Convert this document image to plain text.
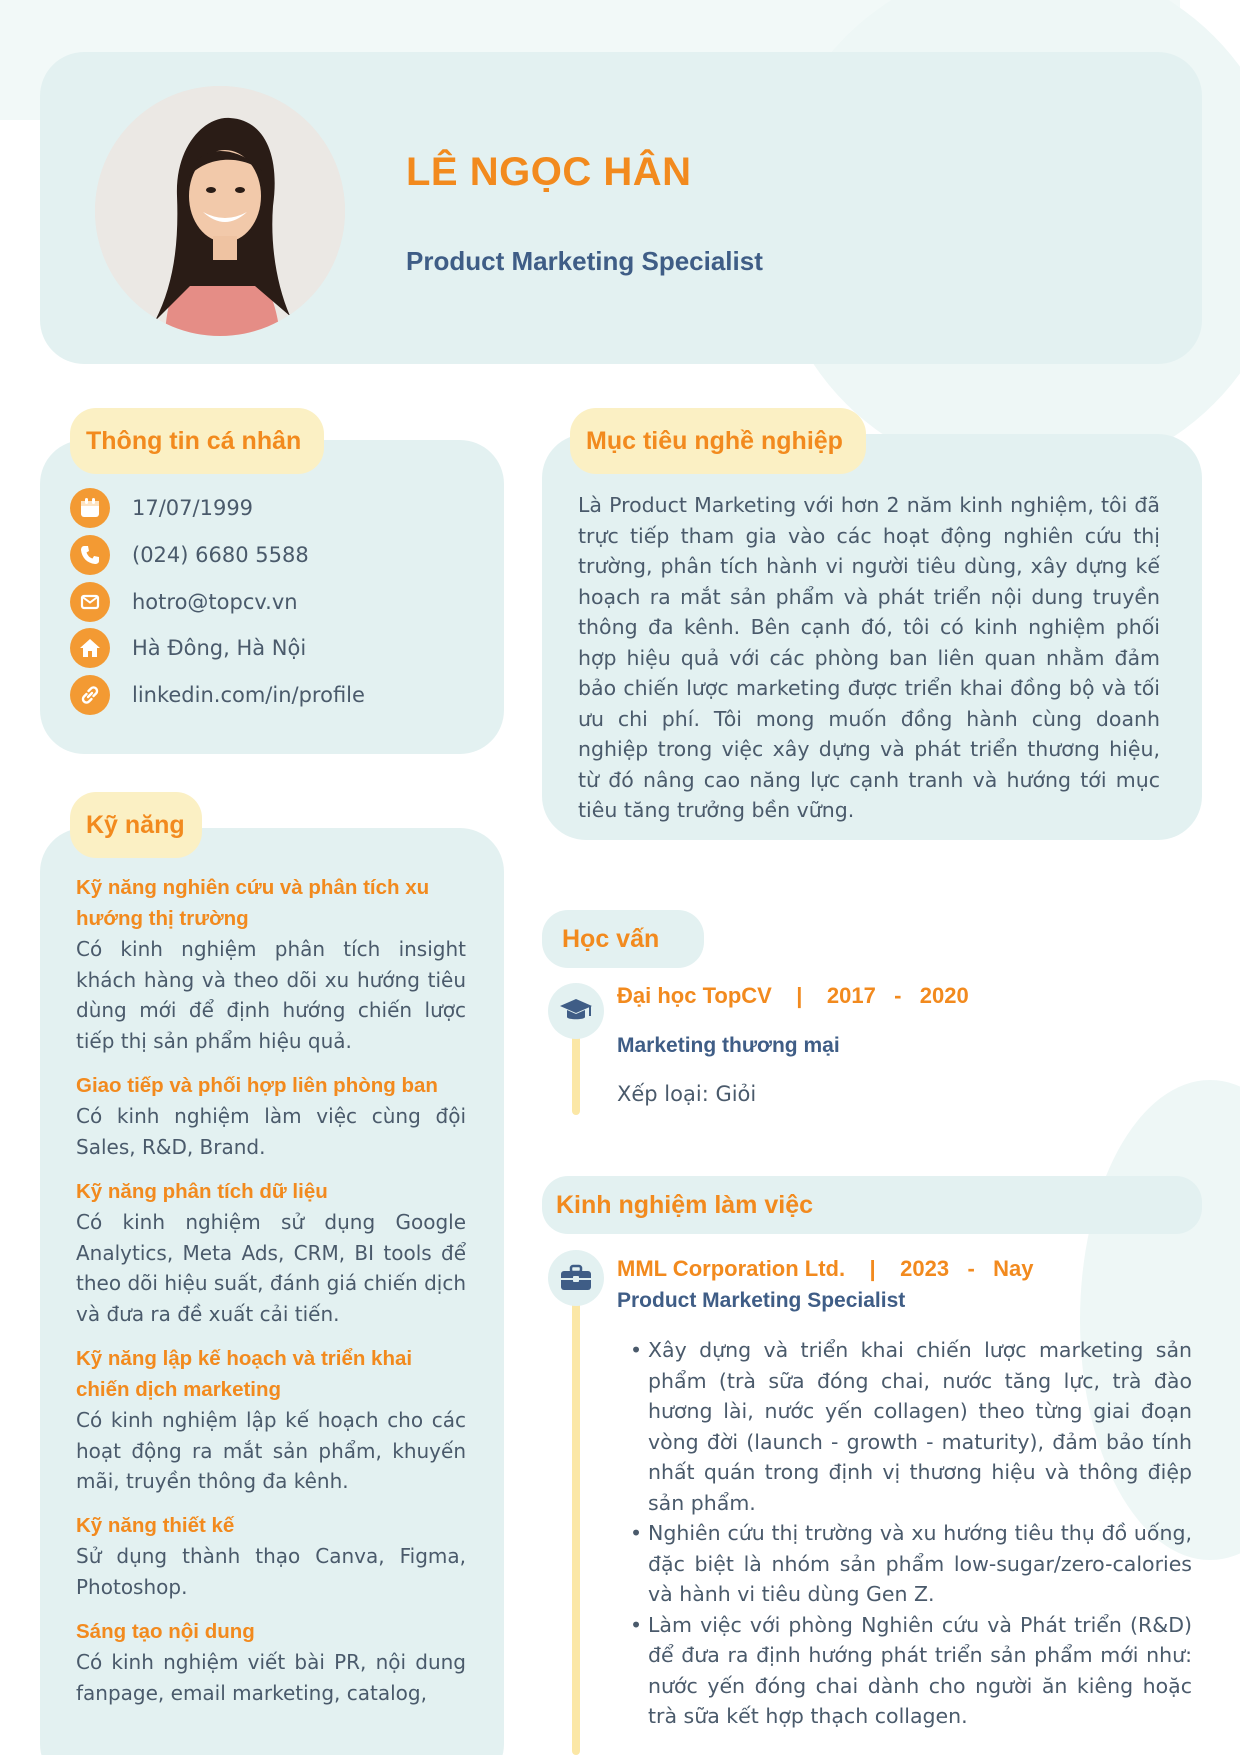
LÊ NGỌC HÂN
Product Marketing Specialist
Thông tin cá nhân
17/07/1999
(024) 6680 5588
hotro@topcv.vn
Hà Đông, Hà Nội
linkedin.com/in/profile
Kỹ năng
Kỹ năng nghiên cứu và phân tích xu hướng thị trường
Có kinh nghiệm phân tích insight khách hàng và theo dõi xu hướng tiêu dùng mới để định hướng chiến lược tiếp thị sản phẩm hiệu quả.
Giao tiếp và phối hợp liên phòng ban
Có kinh nghiệm làm việc cùng đội Sales, R&D, Brand.
Kỹ năng phân tích dữ liệu
Có kinh nghiệm sử dụng Google Analytics, Meta Ads, CRM, BI tools để theo dõi hiệu suất, đánh giá chiến dịch và đưa ra đề xuất cải tiến.
Kỹ năng lập kế hoạch và triển khai chiến dịch marketing
Có kinh nghiệm lập kế hoạch cho các hoạt động ra mắt sản phẩm, khuyến mãi, truyền thông đa kênh.
Kỹ năng thiết kế
Sử dụng thành thạo Canva, Figma, Photoshop.
Sáng tạo nội dung
Có kinh nghiệm viết bài PR, nội dung fanpage, email marketing, catalog,
Mục tiêu nghề nghiệp
Là Product Marketing với hơn 2 năm kinh nghiệm, tôi đã trực tiếp tham gia vào các hoạt động nghiên cứu thị trường, phân tích hành vi người tiêu dùng, xây dựng kế hoạch ra mắt sản phẩm và phát triển nội dung truyền thông đa kênh. Bên cạnh đó, tôi có kinh nghiệm phối hợp hiệu quả với các phòng ban liên quan nhằm đảm bảo chiến lược marketing được triển khai đồng bộ và tối ưu chi phí. Tôi mong muốn đồng hành cùng doanh nghiệp trong việc xây dựng và phát triển thương hiệu, từ đó nâng cao năng lực cạnh tranh và hướng tới mục tiêu tăng trưởng bền vững.
Học vấn
Đại học TopCV    |    2017   -   2020
Marketing thương mại
Xếp loại: Giỏi
Kinh nghiệm làm việc
MML Corporation Ltd.    |    2023   -   Nay
Product Marketing Specialist
• Xây dựng và triển khai chiến lược marketing sản phẩm (trà sữa đóng chai, nước tăng lực, trà đào hương lài, nước yến collagen) theo từng giai đoạn vòng đời (launch - growth - maturity), đảm bảo tính nhất quán trong định vị thương hiệu và thông điệp sản phẩm.
• Nghiên cứu thị trường và xu hướng tiêu thụ đồ uống, đặc biệt là nhóm sản phẩm low-sugar/zero-calories và hành vi tiêu dùng Gen Z.
• Làm việc với phòng Nghiên cứu và Phát triển (R&D) để đưa ra định hướng phát triển sản phẩm mới như: nước yến đóng chai dành cho người ăn kiêng hoặc trà sữa kết hợp thạch collagen.
